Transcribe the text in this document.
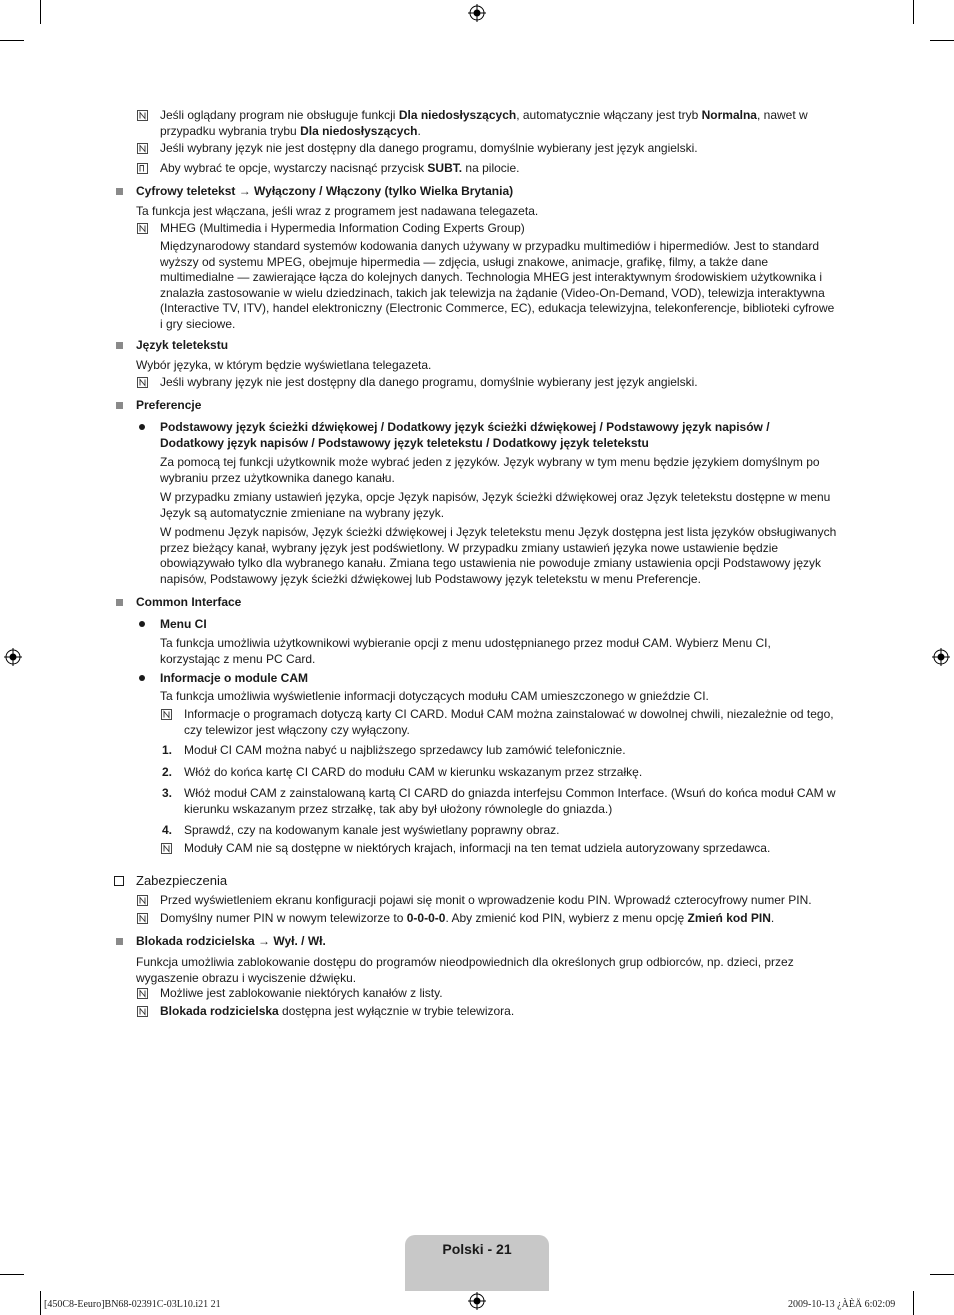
Jeśli oglądany program nie obsługuje funkcji Dla niedosłyszących, automatycznie włączany jest tryb Normalna, nawet w przypadku wybrania trybu Dla niedosłyszących.
Jeśli wybrany język nie jest dostępny dla danego programu, domyślnie wybierany jest język angielski.
Aby wybrać te opcje, wystarczy nacisnąć przycisk SUBT. na pilocie.
Cyfrowy teletekst → Wyłączony / Włączony (tylko Wielka Brytania)
Ta funkcja jest włączana, jeśli wraz z programem jest nadawana telegazeta.
MHEG (Multimedia i Hypermedia Information Coding Experts Group)
Międzynarodowy standard systemów kodowania danych używany w przypadku multimediów i hipermediów. Jest to standard wyższy od systemu MPEG, obejmuje hipermedia — zdjęcia, usługi znakowe, animacje, grafikę, filmy, a także dane multimedialne — zawierające łącza do kolejnych danych. Technologia MHEG jest interaktywnym środowiskiem użytkownika i znalazła zastosowanie w wielu dziedzinach, takich jak telewizja na żądanie (Video-On-Demand, VOD), telewizja interaktywna (Interactive TV, ITV), handel elektroniczny (Electronic Commerce, EC), edukacja telewizyjna, telekonferencje, biblioteki cyfrowe i gry sieciowe.
Język teletekstu
Wybór języka, w którym będzie wyświetlana telegazeta.
Jeśli wybrany język nie jest dostępny dla danego programu, domyślnie wybierany jest język angielski.
Preferencje
Podstawowy język ścieżki dźwiękowej / Dodatkowy język ścieżki dźwiękowej / Podstawowy język napisów / Dodatkowy język napisów / Podstawowy język teletekstu / Dodatkowy język teletekstu
Za pomocą tej funkcji użytkownik może wybrać jeden z języków. Język wybrany w tym menu będzie językiem domyślnym po wybraniu przez użytkownika danego kanału.
W przypadku zmiany ustawień języka, opcje Język napisów, Język ścieżki dźwiękowej oraz Język teletekstu dostępne w menu Język są automatycznie zmieniane na wybrany język.
W podmenu Język napisów, Język ścieżki dźwiękowej i Język teletekstu menu Język dostępna jest lista języków obsługiwanych przez bieżący kanał, wybrany język jest podświetlony. W przypadku zmiany ustawień języka nowe ustawienie będzie obowiązywało tylko dla wybranego kanału. Zmiana tego ustawienia nie powoduje zmiany ustawienia opcji Podstawowy język napisów, Podstawowy język ścieżki dźwiękowej lub Podstawowy język teletekstu w menu Preferencje.
Common Interface
Menu CI
Ta funkcja umożliwia użytkownikowi wybieranie opcji z menu udostępnianego przez moduł CAM. Wybierz Menu CI, korzystając z menu PC Card.
Informacje o module CAM
Ta funkcja umożliwia wyświetlenie informacji dotyczących modułu CAM umieszczonego w gnieździe CI.
Informacje o programach dotyczą karty CI CARD. Moduł CAM można zainstalować w dowolnej chwili, niezależnie od tego, czy telewizor jest włączony czy wyłączony.
1. Moduł CI CAM można nabyć u najbliższego sprzedawcy lub zamówić telefonicznie.
2. Włóż do końca kartę CI CARD do modułu CAM w kierunku wskazanym przez strzałkę.
3. Włóż moduł CAM z zainstalowaną kartą CI CARD do gniazda interfejsu Common Interface. (Wsuń do końca moduł CAM w kierunku wskazanym przez strzałkę, tak aby był ułożony równolegle do gniazda.)
4. Sprawdź, czy na kodowanym kanale jest wyświetlany poprawny obraz.
Moduły CAM nie są dostępne w niektórych krajach, informacji na ten temat udziela autoryzowany sprzedawca.
Zabezpieczenia
Przed wyświetleniem ekranu konfiguracji pojawi się monit o wprowadzenie kodu PIN. Wprowadź czterocyfrowy numer PIN.
Domyślny numer PIN w nowym telewizorze to 0-0-0-0. Aby zmienić kod PIN, wybierz z menu opcję Zmień kod PIN.
Blokada rodzicielska → Wył. / Wł.
Funkcja umożliwia zablokowanie dostępu do programów nieodpowiednich dla określonych grup odbiorców, np. dzieci, przez wygaszenie obrazu i wyciszenie dźwięku.
Możliwe jest zablokowanie niektórych kanałów z listy.
Blokada rodzicielska dostępna jest wyłącznie w trybie telewizora.
Polski - 21
[450C8-Eeuro]BN68-02391C-03L10.i21 21	2009-10-13 ¿ÀÈÄ 6:02:09
